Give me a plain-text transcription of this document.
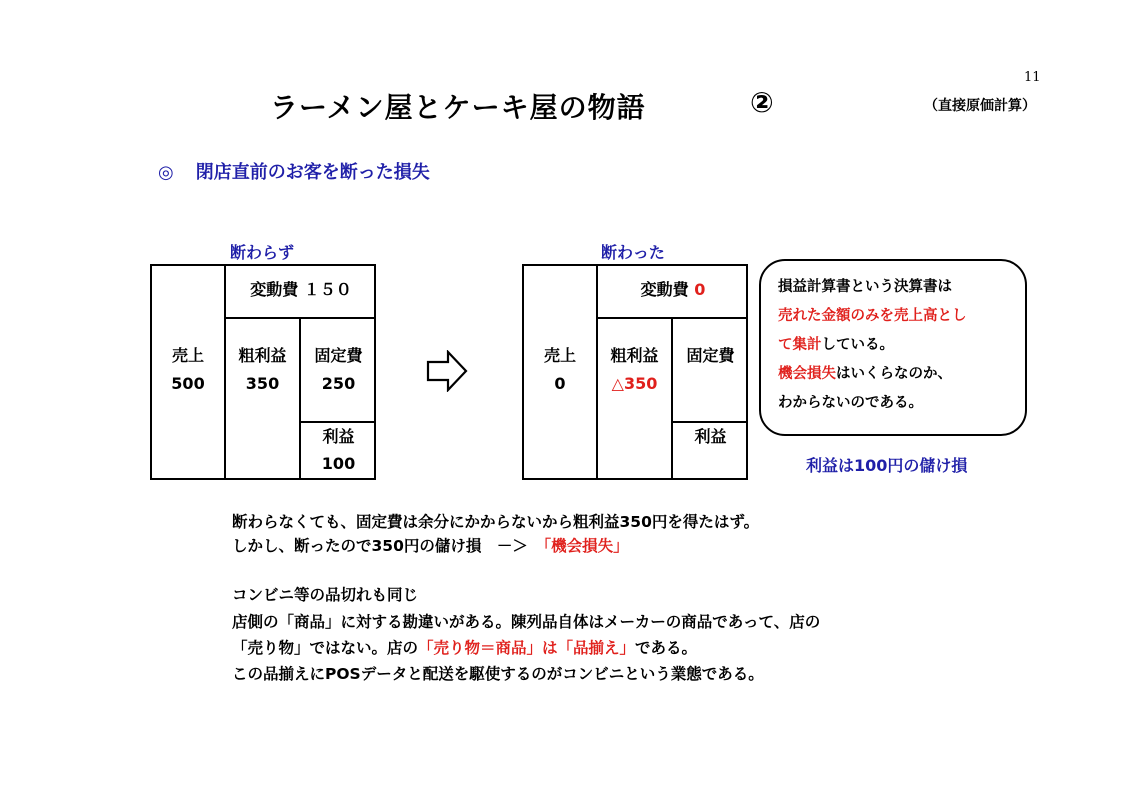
11
ラーメン屋とケーキ屋の物語	②	（直接原価計算）
◎ 閉店直前のお客を断った損失
断わらず
変動費 １５０
売上
500
粗利益
350
固定費
250
利益
100
断わった
変動費 0
売上
0
粗利益
△350
固定費
利益
損益計算書という決算書は
売れた金額のみを売上高とし
て集計している。
機会損失はいくらなのか、
わからないのである。
利益は100円の儲け損
断わらなくても、固定費は余分にかからないから粗利益350円を得たはず。
しかし、断ったので350円の儲け損　－＞　「機会損失」
コンビニ等の品切れも同じ
店側の「商品」に対する勘違いがある。陳列品自体はメーカーの商品であって、店の
「売り物」ではない。店の「売り物＝商品」は「品揃え」である。
この品揃えにPOSデータと配送を駆使するのがコンビニという業態である。
